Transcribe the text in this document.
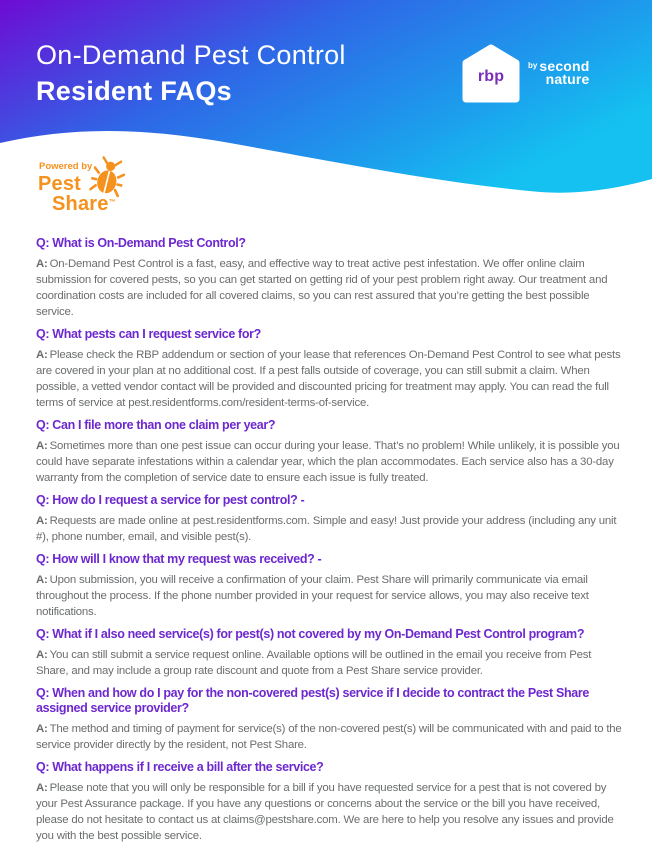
On-Demand Pest Control
Resident FAQs	rbp
by second
nature
Powered by
Pest
Share™
Q: What is On-Demand Pest Control?

A: On-Demand Pest Control is a fast, easy, and effective way to treat active pest infestation. We offer online claim submission for covered pests, so you can get started on getting rid of your pest problem right away. Our treatment and coordination costs are included for all covered claims, so you can rest assured that you’re getting the best possible service.

Q: What pests can I request service for?

A: Please check the RBP addendum or section of your lease that references On-Demand Pest Control to see what pests are covered in your plan at no additional cost. If a pest falls outside of coverage, you can still submit a claim. When possible, a vetted vendor contact will be provided and discounted pricing for treatment may apply. You can read the full terms of service at pest.residentforms.com/resident-terms-of-service.

Q: Can I file more than one claim per year?

A: Sometimes more than one pest issue can occur during your lease. That’s no problem! While unlikely, it is possible you could have separate infestations within a calendar year, which the plan accommodates. Each service also has a 30-day warranty from the completion of service date to ensure each issue is fully treated.

Q: How do I request a service for pest control? -

A: Requests are made online at pest.residentforms.com. Simple and easy! Just provide your address (including any unit #), phone number, email, and visible pest(s).

Q: How will I know that my request was received? -

A: Upon submission, you will receive a confirmation of your claim. Pest Share will primarily communicate via email throughout the process. If the phone number provided in your request for service allows, you may also receive text notifications.

Q: What if I also need service(s) for pest(s) not covered by my On-Demand Pest Control program?

A: You can still submit a service request online. Available options will be outlined in the email you receive from Pest Share, and may include a group rate discount and quote from a Pest Share service provider.

Q: When and how do I pay for the non-covered pest(s) service if I decide to contract the Pest Share assigned service provider?

A: The method and timing of payment for service(s) of the non-covered pest(s) will be communicated with and paid to the service provider directly by the resident, not Pest Share.

Q: What happens if I receive a bill after the service?

A: Please note that you will only be responsible for a bill if you have requested service for a pest that is not covered by your Pest Assurance package. If you have any questions or concerns about the service or the bill you have received, please do not hesitate to contact us at claims@pestshare.com. We are here to help you resolve any issues and provide you with the best possible service.
